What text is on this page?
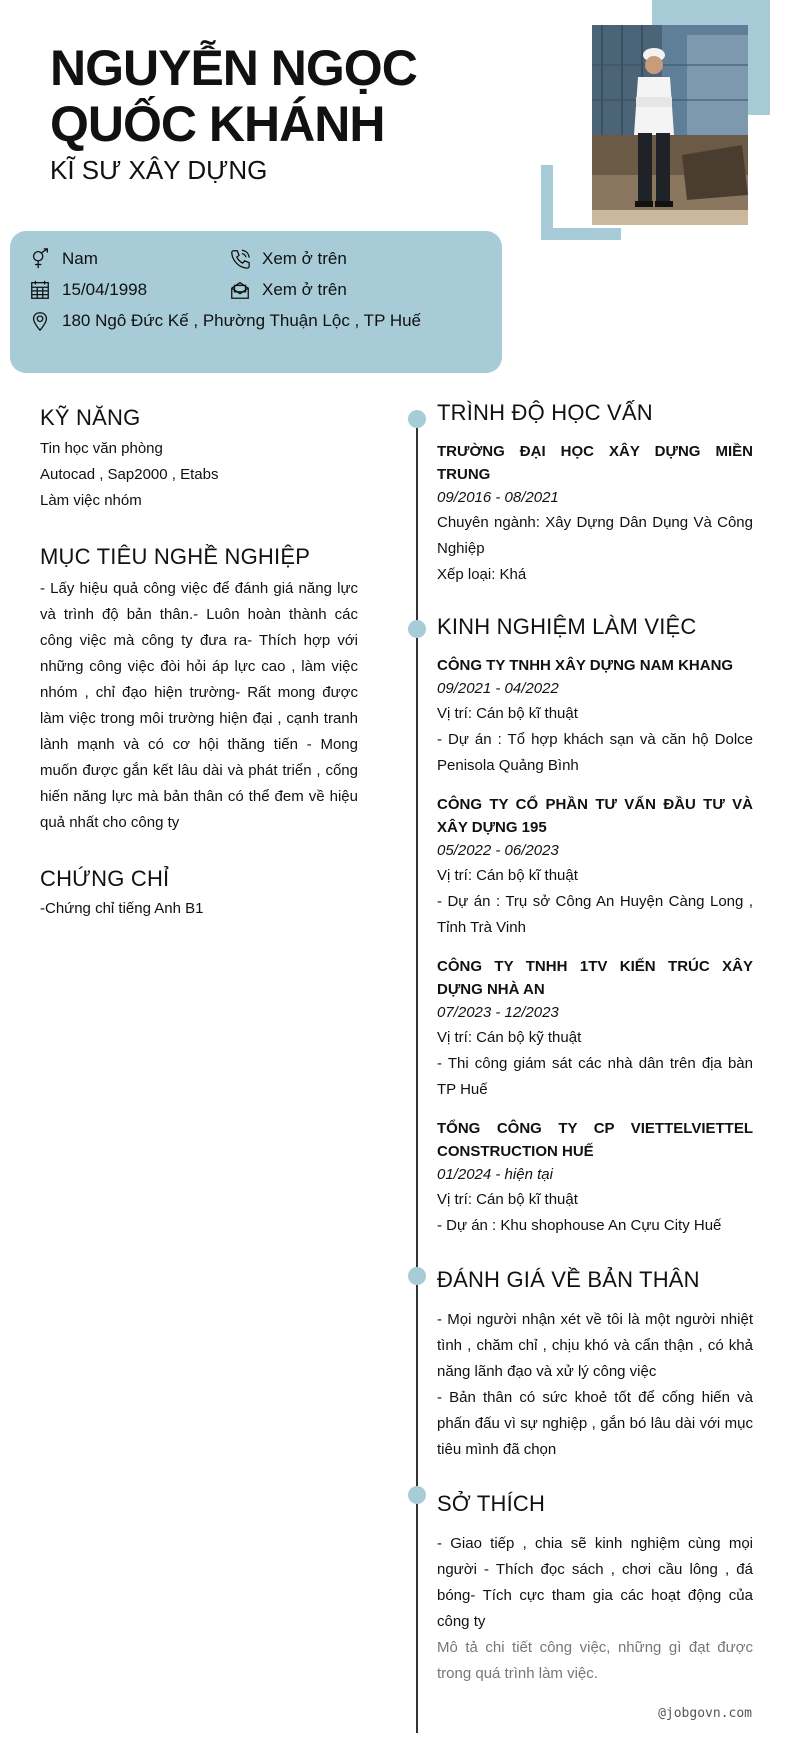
NGUYỄN NGỌC
QUỐC KHÁNH
KĨ SƯ XÂY DỰNG
Nam	Xem ở trên
15/04/1998	Xem ở trên
180 Ngô Đức Kế , Phường Thuận Lộc , TP Huế
KỸ NĂNG
Tin học văn phòng
Autocad , Sap2000 , Etabs
Làm việc nhóm
MỤC TIÊU NGHỀ NGHIỆP
- Lấy hiệu quả công việc để đánh giá năng lực và trình độ bản thân.- Luôn hoàn thành các công việc mà công ty đưa ra- Thích hợp với những công việc đòi hỏi áp lực cao , làm việc nhóm , chỉ đạo hiện trường- Rất mong được làm việc trong môi trường hiện đại , cạnh tranh lành mạnh và có cơ hội thăng tiến - Mong muốn được gắn kết lâu dài và phát triển , cống hiến năng lực mà bản thân có thể đem về hiệu quả nhất cho công ty
CHỨNG CHỈ
-Chứng chỉ tiếng Anh B1
TRÌNH ĐỘ HỌC VẤN
TRƯỜNG ĐẠI HỌC XÂY DỰNG MIỀN TRUNG
09/2016 - 08/2021
Chuyên ngành: Xây Dựng Dân Dụng Và Công Nghiệp
Xếp loại: Khá
KINH NGHIỆM LÀM VIỆC
CÔNG TY TNHH XÂY DỰNG NAM KHANG
09/2021 - 04/2022
Vị trí: Cán bộ kĩ thuật
- Dự án : Tổ hợp khách sạn và căn hộ Dolce Penisola Quảng Bình
CÔNG TY CỔ PHẦN TƯ VẤN ĐẦU TƯ VÀ XÂY DỰNG 195
05/2022 - 06/2023
Vị trí: Cán bộ kĩ thuật
- Dự án : Trụ sở Công An Huyện Càng Long , Tỉnh Trà Vinh
CÔNG TY TNHH 1TV KIẾN TRÚC XÂY DỰNG NHÀ AN
07/2023 - 12/2023
Vị trí: Cán bộ kỹ thuật
- Thi công giám sát các nhà dân trên địa bàn TP Huế
TỔNG CÔNG TY CP VIETTELVIETTEL CONSTRUCTION HUẾ
01/2024 - hiện tại
Vị trí: Cán bộ kĩ thuật
- Dự án : Khu shophouse An Cựu City Huế
ĐÁNH GIÁ VỀ BẢN THÂN
- Mọi người nhận xét về tôi là một người nhiệt tình , chăm chỉ , chịu khó và cẩn thận , có khả năng lãnh đạo và xử lý công việc
- Bản thân có sức khoẻ tốt để cống hiến và phấn đấu vì sự nghiệp , gắn bó lâu dài với mục tiêu mình đã chọn
SỞ THÍCH
- Giao tiếp , chia sẽ kinh nghiệm cùng mọi người - Thích đọc sách , chơi cầu lông , đá bóng- Tích cực tham gia các hoạt động của công ty
Mô tả chi tiết công việc, những gì đạt được trong quá trình làm việc.
@jobgovn.com
